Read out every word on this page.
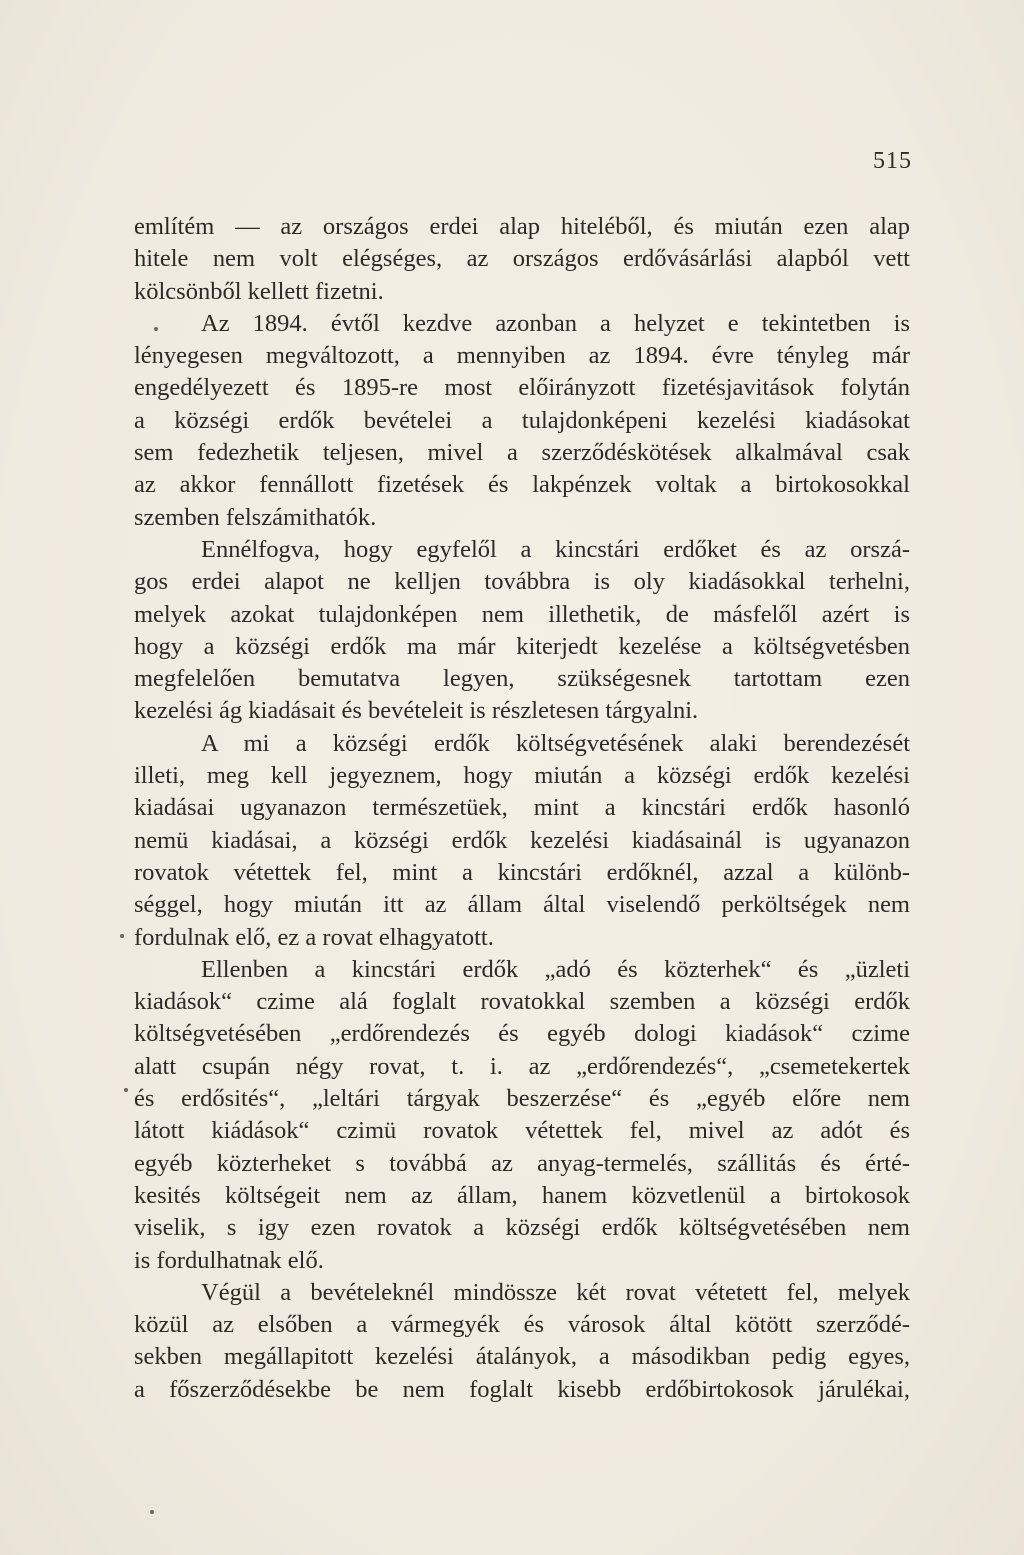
515
említém — az országos erdei alap hiteléből, és miután ezen alap
hitele nem volt elégséges, az országos erdővásárlási alapból vett
kölcsönből kellett fizetni.
Az 1894. évtől kezdve azonban a helyzet e tekintetben is
lényegesen megváltozott, a mennyiben az 1894. évre tényleg már
engedélyezett és 1895-re most előirányzott fizetésjavitások folytán
a községi erdők bevételei a tulajdonképeni kezelési kiadásokat
sem fedezhetik teljesen, mivel a szerződéskötések alkalmával csak
az akkor fennállott fizetések és lakpénzek voltak a birtokosokkal
szemben felszámithatók.
Ennélfogva, hogy egyfelől a kincstári erdőket és az orszá-
gos erdei alapot ne kelljen továbbra is oly kiadásokkal terhelni,
melyek azokat tulajdonképen nem illethetik, de másfelől azért is
hogy a községi erdők ma már kiterjedt kezelése a költségvetésben
megfelelően bemutatva legyen, szükségesnek tartottam ezen
kezelési ág kiadásait és bevételeit is részletesen tárgyalni.
A mi a községi erdők költségvetésének alaki berendezését
illeti, meg kell jegyeznem, hogy miután a községi erdők kezelési
kiadásai ugyanazon természetüek, mint a kincstári erdők hasonló
nemü kiadásai, a községi erdők kezelési kiadásainál is ugyanazon
rovatok vétettek fel, mint a kincstári erdőknél, azzal a különb-
séggel, hogy miután itt az állam által viselendő perköltségek nem
fordulnak elő, ez a rovat elhagyatott.
Ellenben a kincstári erdők „adó és közterhek“ és „üzleti
kiadások“ czime alá foglalt rovatokkal szemben a községi erdők
költségvetésében „erdőrendezés és egyéb dologi kiadások“ czime
alatt csupán négy rovat, t. i. az „erdőrendezés“, „csemetekertek
és erdősités“, „leltári tárgyak beszerzése“ és „egyéb előre nem
látott kiádások“ czimü rovatok vétettek fel, mivel az adót és
egyéb közterheket s továbbá az anyag-termelés, szállitás és érté-
kesités költségeit nem az állam, hanem közvetlenül a birtokosok
viselik, s igy ezen rovatok a községi erdők költségvetésében nem
is fordulhatnak elő.
Végül a bevételeknél mindössze két rovat vétetett fel, melyek
közül az elsőben a vármegyék és városok által kötött szerződé-
sekben megállapitott kezelési átalányok, a másodikban pedig egyes,
a főszerződésekbe be nem foglalt kisebb erdőbirtokosok járulékai,
